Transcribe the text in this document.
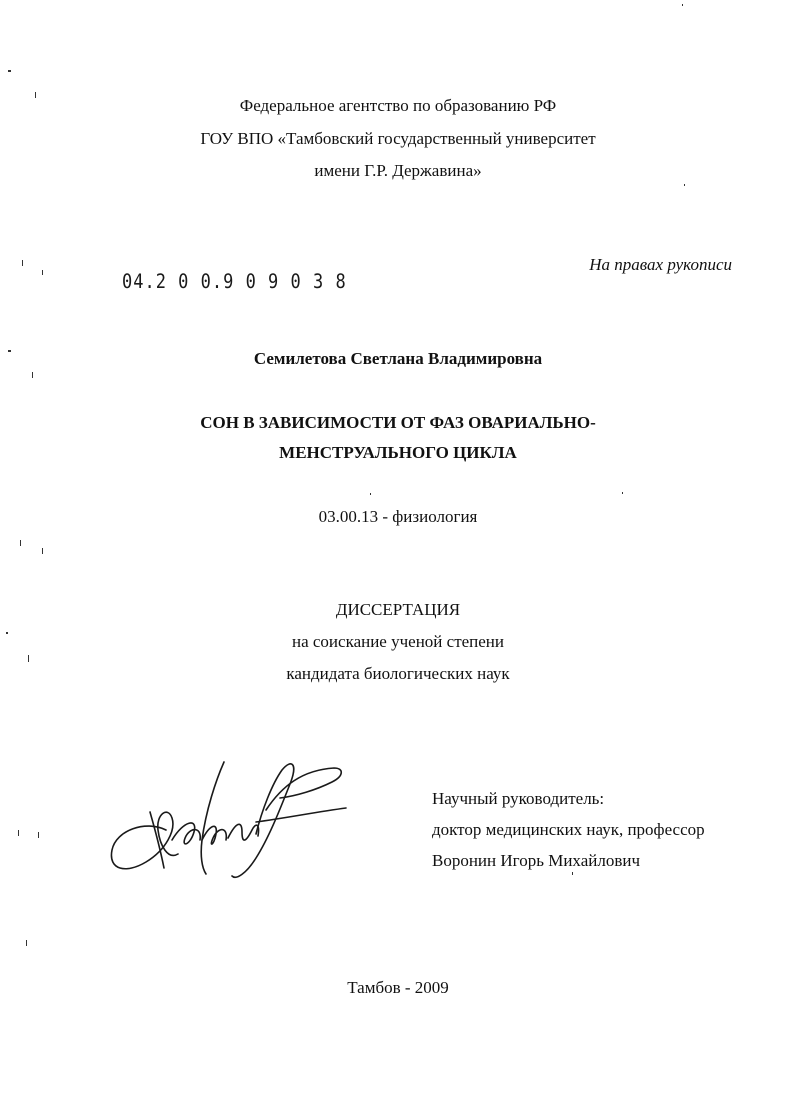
Федеральное агентство по образованию РФ
ГОУ ВПО «Тамбовский государственный университет
имени Г.Р. Державина»
На правах рукописи
04.2 0 0.9 0 9 0 3 8
Семилетова Светлана Владимировна
СОН В ЗАВИСИМОСТИ ОТ ФАЗ ОВАРИАЛЬНО-
МЕНСТРУАЛЬНОГО ЦИКЛА
03.00.13 - физиология
ДИССЕРТАЦИЯ
на соискание ученой степени
кандидата биологических наук
Научный руководитель:
доктор медицинских наук, профессор
Воронин Игорь Михайлович
Тамбов - 2009
